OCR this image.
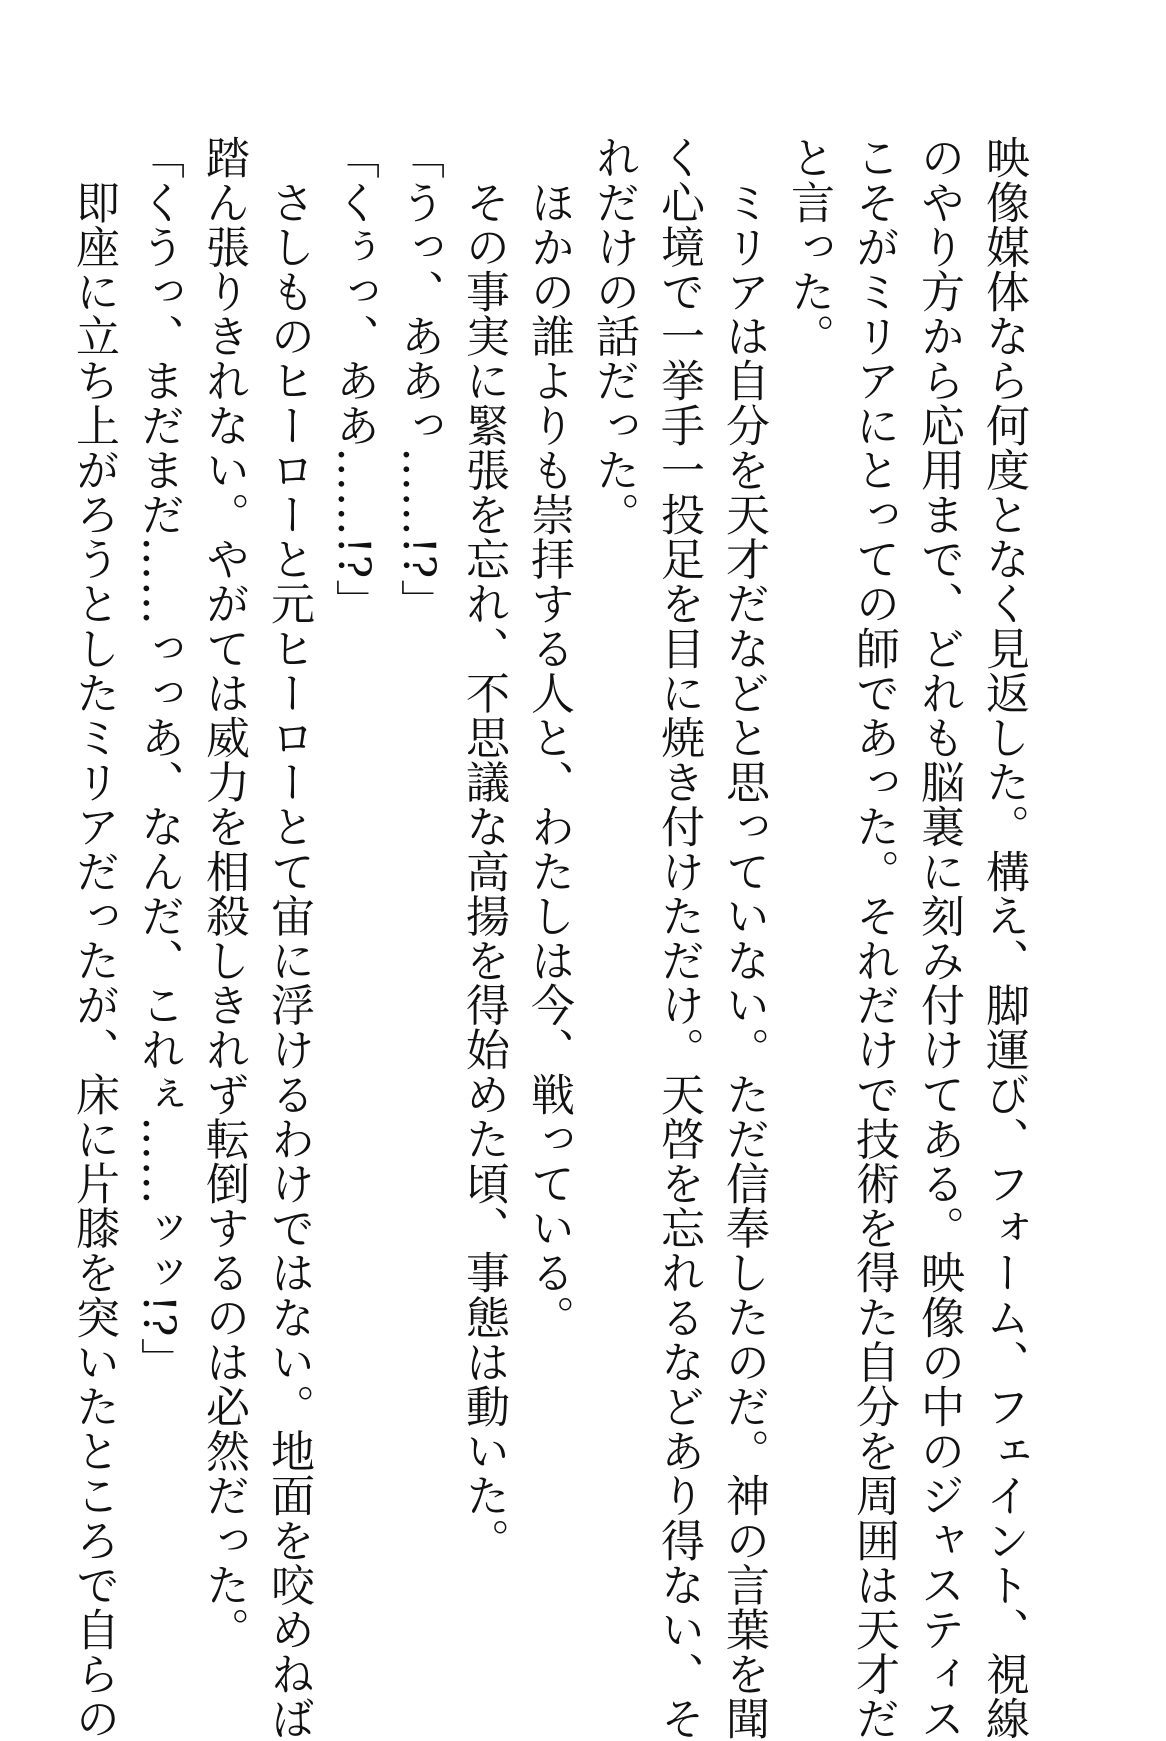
映像媒体なら何度となく見返した。構え、脚運び、フォーム、フェイント、視線
のやり方から応用まで、どれも脳裏に刻み付けてある。映像の中のジャスティス
こそがミリアにとっての師であった。それだけで技術を得た自分を周囲は天才だ
と言った。
　ミリアは自分を天才だなどと思っていない。ただ信奉したのだ。神の言葉を聞
く心境で一挙手一投足を目に焼き付けただけ。天啓を忘れるなどあり得ない、そ
れだけの話だった。
　ほかの誰よりも崇拝する人と、わたしは今、戦っている。
　その事実に緊張を忘れ、不思議な高揚を得始めた頃、事態は動いた。
「うっ、ああっ……!?」
「くぅっ、ああ……!?」
　さしものヒーローと元ヒーローとて宙に浮けるわけではない。地面を咬めねば
踏ん張りきれない。やがては威力を相殺しきれず転倒するのは必然だった。
「くうっ、まだまだ……っっあ、なんだ、これぇ……ッッ!?」
　即座に立ち上がろうとしたミリアだったが、床に片膝を突いたところで自らの
